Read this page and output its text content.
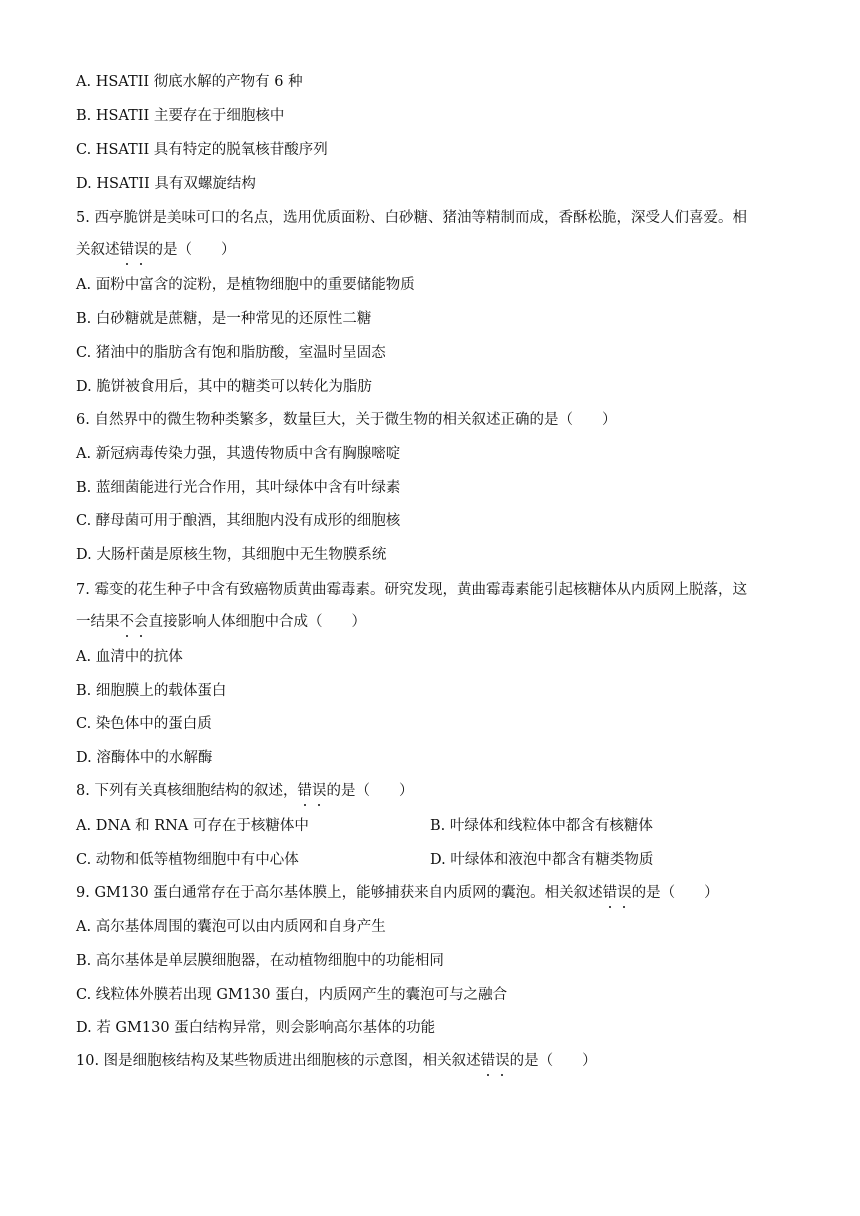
A. HSATII 彻底水解的产物有 6 种
B. HSATII 主要存在于细胞核中
C. HSATII 具有特定的脱氧核苷酸序列
D. HSATII 具有双螺旋结构
5. 西亭脆饼是美味可口的名点，选用优质面粉、白砂糖、猪油等精制而成，香酥松脆，深受人们喜爱。相
关叙述错误的是（　　）
A. 面粉中富含的淀粉，是植物细胞中的重要储能物质
B. 白砂糖就是蔗糖，是一种常见的还原性二糖
C. 猪油中的脂肪含有饱和脂肪酸，室温时呈固态
D. 脆饼被食用后，其中的糖类可以转化为脂肪
6. 自然界中的微生物种类繁多，数量巨大，关于微生物的相关叙述正确的是（　　）
A. 新冠病毒传染力强，其遗传物质中含有胸腺嘧啶
B. 蓝细菌能进行光合作用，其叶绿体中含有叶绿素
C. 酵母菌可用于酿酒，其细胞内没有成形的细胞核
D. 大肠杆菌是原核生物，其细胞中无生物膜系统
7. 霉变的花生种子中含有致癌物质黄曲霉毒素。研究发现，黄曲霉毒素能引起核糖体从内质网上脱落，这
一结果不会直接影响人体细胞中合成（　　）
A. 血清中的抗体
B. 细胞膜上的载体蛋白
C. 染色体中的蛋白质
D. 溶酶体中的水解酶
8. 下列有关真核细胞结构的叙述，错误的是（　　）
A. DNA 和 RNA 可存在于核糖体中	B. 叶绿体和线粒体中都含有核糖体
C. 动物和低等植物细胞中有中心体	D. 叶绿体和液泡中都含有糖类物质
9. GM130 蛋白通常存在于高尔基体膜上，能够捕获来自内质网的囊泡。相关叙述错误的是（　　）
A. 高尔基体周围的囊泡可以由内质网和自身产生
B. 高尔基体是单层膜细胞器，在动植物细胞中的功能相同
C. 线粒体外膜若出现 GM130 蛋白，内质网产生的囊泡可与之融合
D. 若 GM130 蛋白结构异常，则会影响高尔基体的功能
10. 图是细胞核结构及某些物质进出细胞核的示意图，相关叙述错误的是（　　）
